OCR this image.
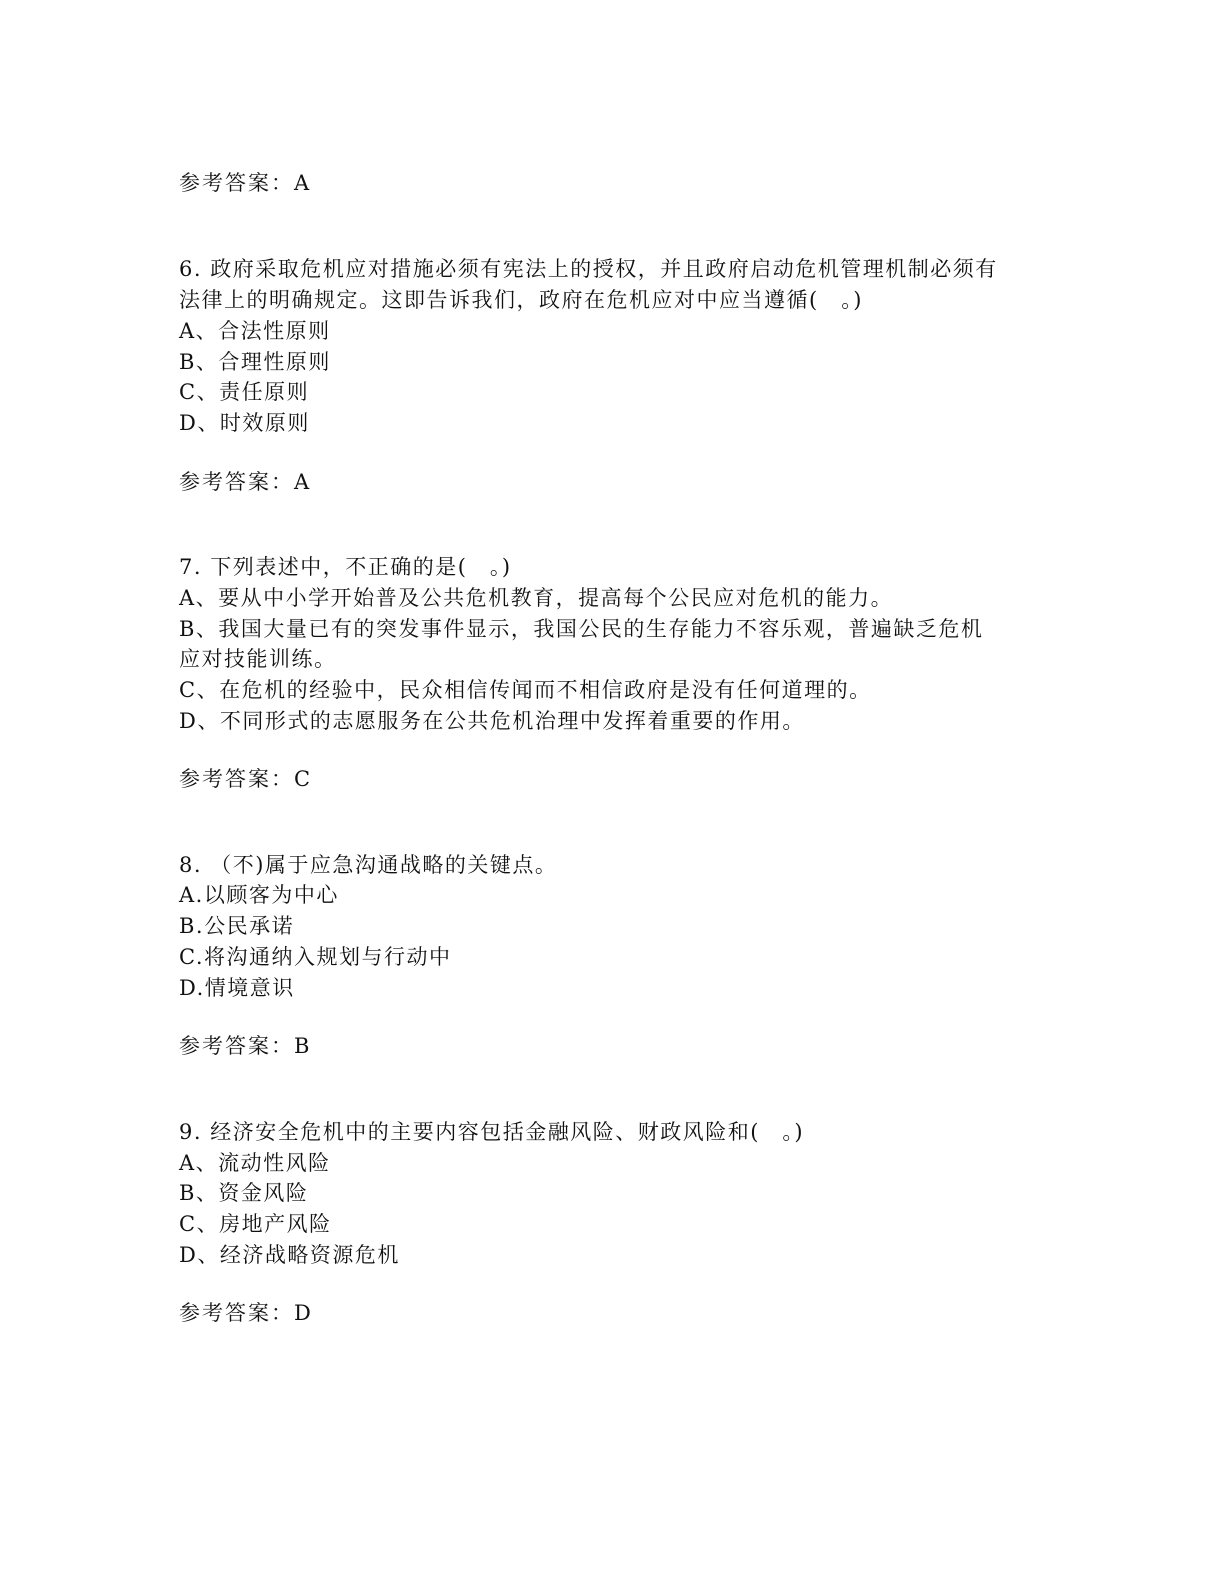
参考答案：A
6. 政府采取危机应对措施必须有宪法上的授权，并且政府启动危机管理机制必须有
法律上的明确规定。这即告诉我们，政府在危机应对中应当遵循(　。)
A、合法性原则
B、合理性原则
C、责任原则
D、时效原则
参考答案：A
7. 下列表述中，不正确的是(　。)
A、要从中小学开始普及公共危机教育，提高每个公民应对危机的能力。
B、我国大量已有的突发事件显示，我国公民的生存能力不容乐观，普遍缺乏危机
应对技能训练。
C、在危机的经验中，民众相信传闻而不相信政府是没有任何道理的。
D、不同形式的志愿服务在公共危机治理中发挥着重要的作用。
参考答案：C
8. （不)属于应急沟通战略的关键点。
A.以顾客为中心
B.公民承诺
C.将沟通纳入规划与行动中
D.情境意识
参考答案：B
9. 经济安全危机中的主要内容包括金融风险、财政风险和(　。)
A、流动性风险
B、资金风险
C、房地产风险
D、经济战略资源危机
参考答案：D
